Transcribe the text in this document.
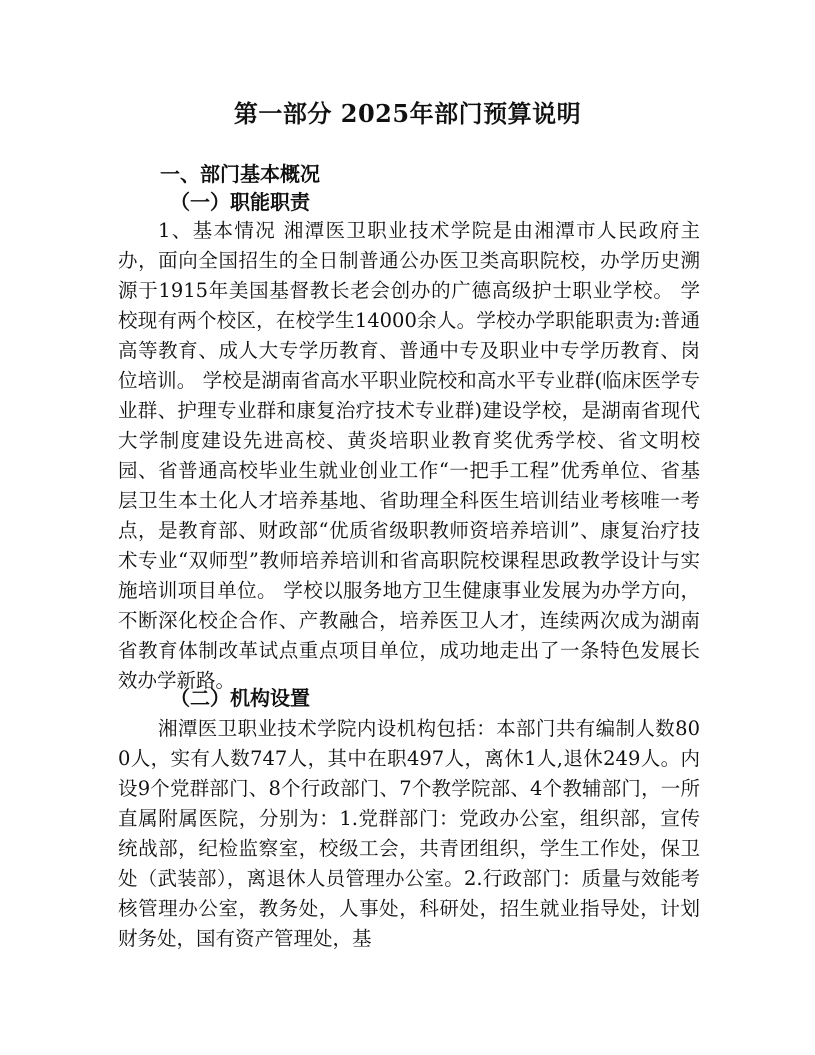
第一部分 2025年部门预算说明
一、部门基本概况
（一）职能职责

1、基本情况 湘潭医卫职业技术学院是由湘潭市人民政府主办，面向全国招生的全日制普通公办医卫类高职院校，办学历史溯源于1915年美国基督教长老会创办的广德高级护士职业学校。 学校现有两个校区，在校学生14000余人。学校办学职能职责为:普通高等教育、成人大专学历教育、普通中专及职业中专学历教育、岗位培训。 学校是湖南省高水平职业院校和高水平专业群(临床医学专业群、护理专业群和康复治疗技术专业群)建设学校，是湖南省现代大学制度建设先进高校、黄炎培职业教育奖优秀学校、省文明校园、省普通高校毕业生就业创业工作“一把手工程”优秀单位、省基层卫生本土化人才培养基地、省助理全科医生培训结业考核唯一考点，是教育部、财政部“优质省级职教师资培养培训”、康复治疗技术专业“双师型”教师培养培训和省高职院校课程思政教学设计与实施培训项目单位。 学校以服务地方卫生健康事业发展为办学方向，不断深化校企合作、产教融合，培养医卫人才，连续两次成为湖南省教育体制改革试点重点项目单位，成功地走出了一条特色发展长效办学新路。

（二）机构设置

湘潭医卫职业技术学院内设机构包括：本部门共有编制人数800人，实有人数747人，其中在职497人，离休1人,退休249人。内设9个党群部门、8个行政部门、7个教学院部、4个教辅部门，一所直属附属医院，分别为：1.党群部门：党政办公室，组织部，宣传统战部，纪检监察室，校级工会，共青团组织，学生工作处，保卫处（武装部），离退休人员管理办公室。2.行政部门：质量与效能考核管理办公室，教务处，人事处，科研处，招生就业指导处，计划财务处，国有资产管理处，基
